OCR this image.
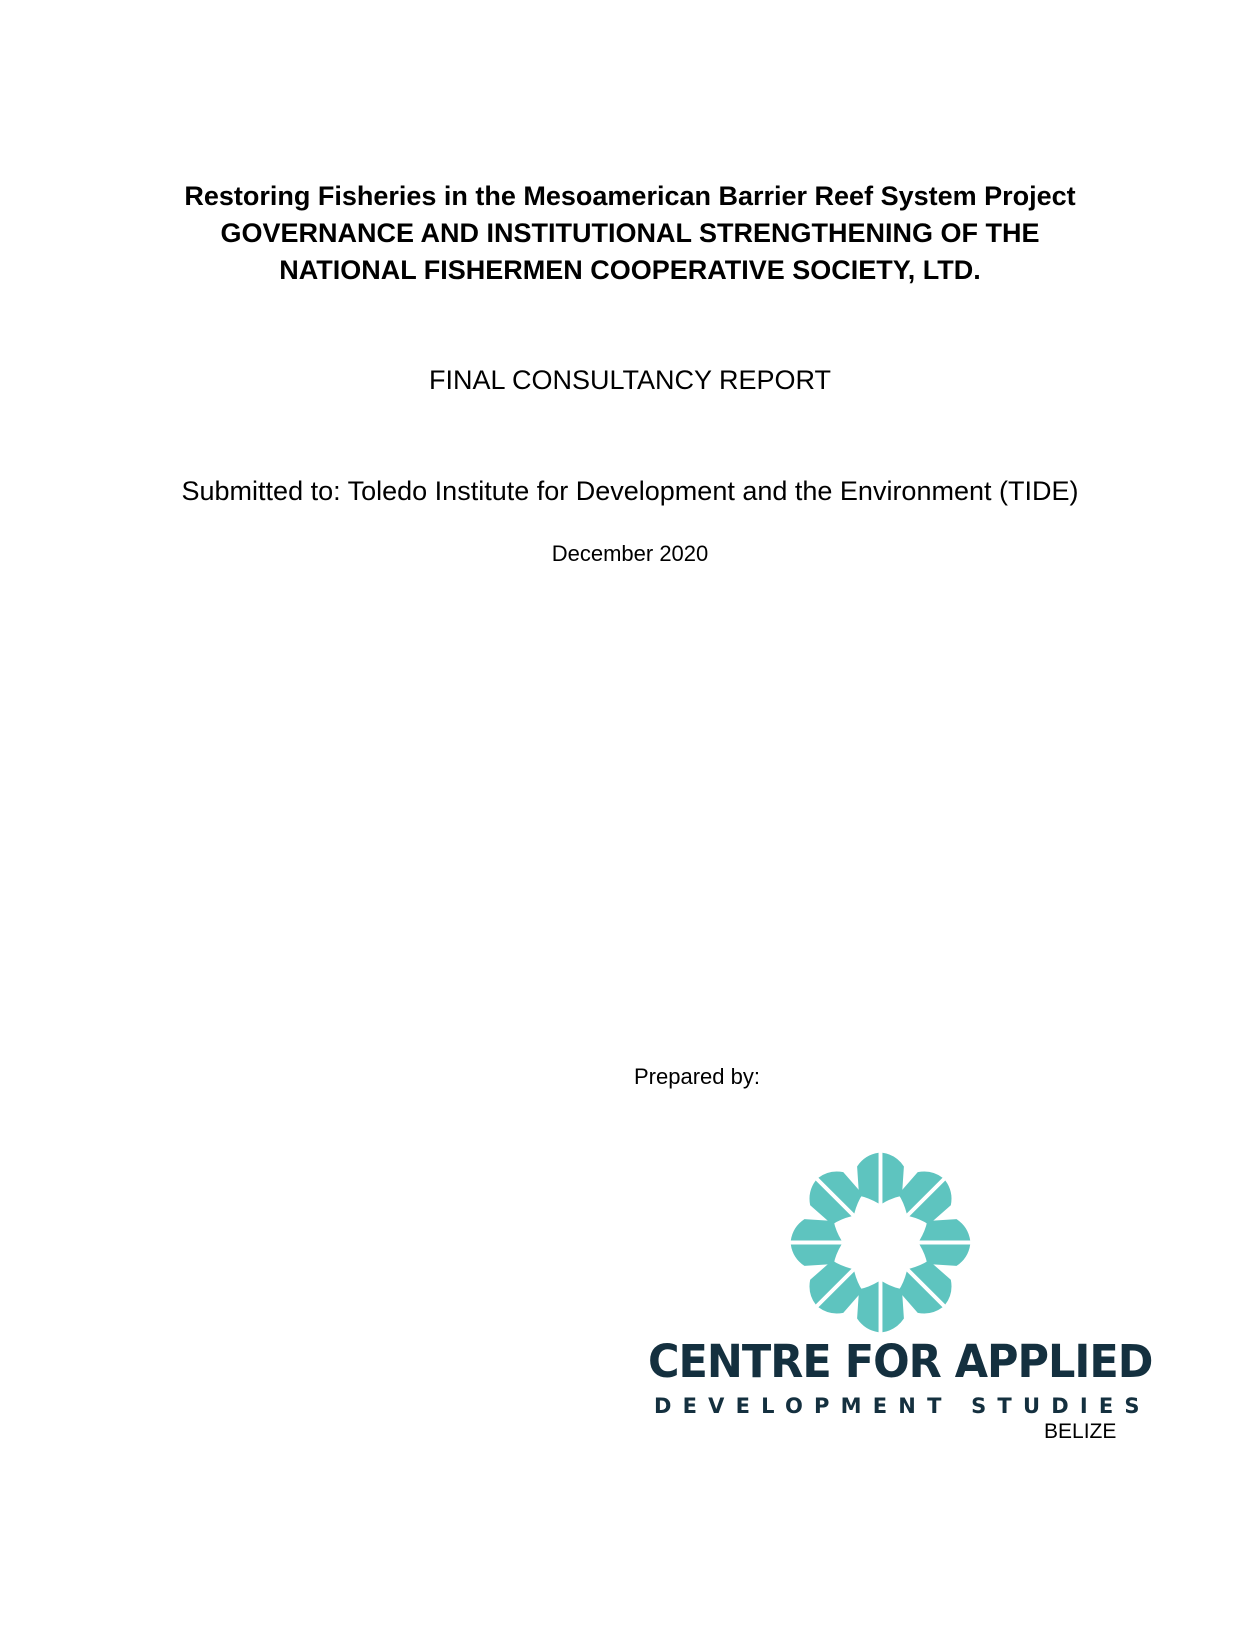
Restoring Fisheries in the Mesoamerican Barrier Reef System Project
GOVERNANCE AND INSTITUTIONAL STRENGTHENING OF THE
NATIONAL FISHERMEN COOPERATIVE SOCIETY, LTD.
FINAL CONSULTANCY REPORT
Submitted to: Toledo Institute for Development and the Environment (TIDE)
December 2020
Prepared by:
CENTRE FOR APPLIED
DEVELOPMENT STUDIES
BELIZE
